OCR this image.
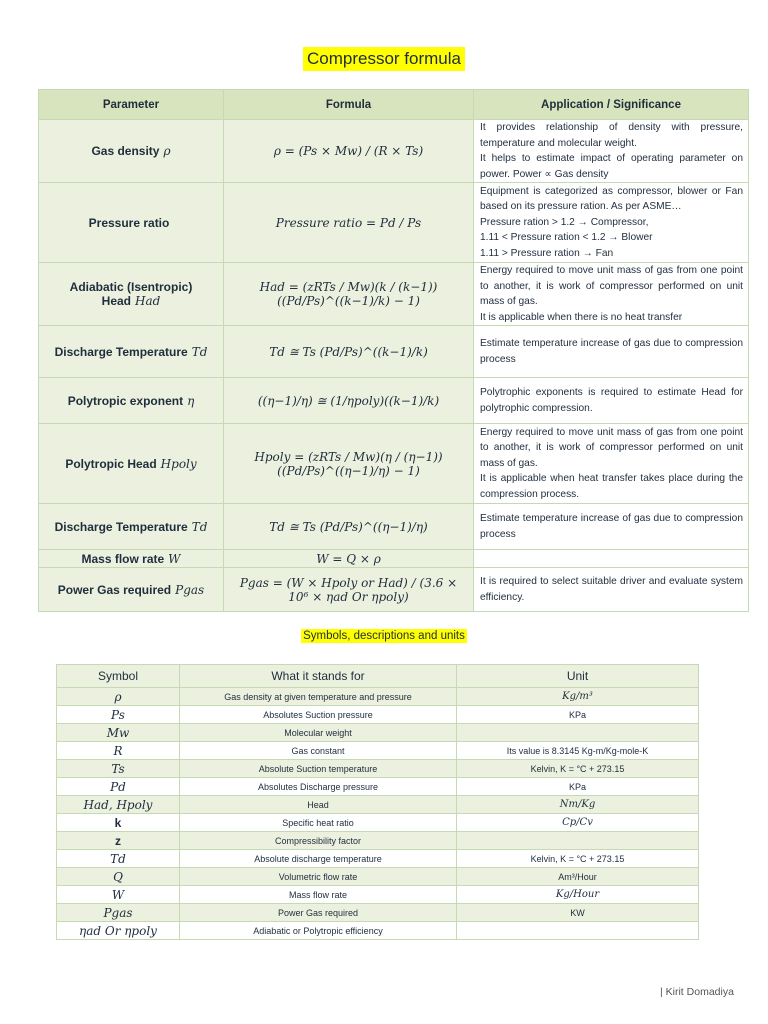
Compressor formula
Parameter	Formula	Application / Significance
Gas density ρ	ρ = (Ps × Mw) / (R × Ts)	It provides relationship of density with pressure, temperature and molecular weight.
It helps to estimate impact of operating parameter on power. Power ∝ Gas density

Pressure ratio	Pressure ratio = Pd / Ps	Equipment is categorized as compressor, blower or Fan based on its pressure ration. As per ASME…
Pressure ration > 1.2 → Compressor,
1.11 < Pressure ration < 1.2 → Blower
1.11 > Pressure ration → Fan

Adiabatic (Isentropic) Head Had	Had = (zRTs / Mw)(k / (k−1))((Pd/Ps)^((k−1)/k) − 1)	Energy required to move unit mass of gas from one point to another, it is work of compressor performed on unit mass of gas.
It is applicable when there is no heat transfer

Discharge Temperature Td	Td ≅ Ts (Pd/Ps)^((k−1)/k)	Estimate temperature increase of gas due to compression process

Polytropic exponent η	((η−1)/η) ≅ (1/ηpoly)((k−1)/k)	Polytrophic exponents is required to estimate Head for polytrophic compression.

Polytropic Head Hpoly	Hpoly = (zRTs / Mw)(η / (η−1))((Pd/Ps)^((η−1)/η) − 1)	Energy required to move unit mass of gas from one point to another, it is work of compressor performed on unit mass of gas.
It is applicable when heat transfer takes place during the compression process.

Discharge Temperature Td	Td ≅ Ts (Pd/Ps)^((η−1)/η)	Estimate temperature increase of gas due to compression process

Mass flow rate W	W = Q × ρ	
Power Gas required Pgas	Pgas = (W × Hpoly or Had) / (3.6 × 10⁶ × ηad Or ηpoly)	It is required to select suitable driver and evaluate system efficiency.
Symbols, descriptions and units
Symbol	What it stands for	Unit
ρ	Gas density at given temperature and pressure	Kg/m³
Ps	Absolutes Suction pressure	KPa
Mw	Molecular weight	
R	Gas constant	Its value is 8.3145 Kg-m/Kg-mole-K
Ts	Absolute Suction temperature	Kelvin, K = °C + 273.15
Pd	Absolutes Discharge pressure	KPa
Had, Hpoly	Head	Nm/Kg
k	Specific heat ratio	Cp/Cv
z	Compressibility factor	
Td	Absolute discharge temperature	Kelvin, K = °C + 273.15
Q	Volumetric flow rate	Am³/Hour
W	Mass flow rate	Kg/Hour
Pgas	Power Gas required	KW
ηad Or ηpoly	Adiabatic or Polytropic efficiency	
| Kirit Domadiya
